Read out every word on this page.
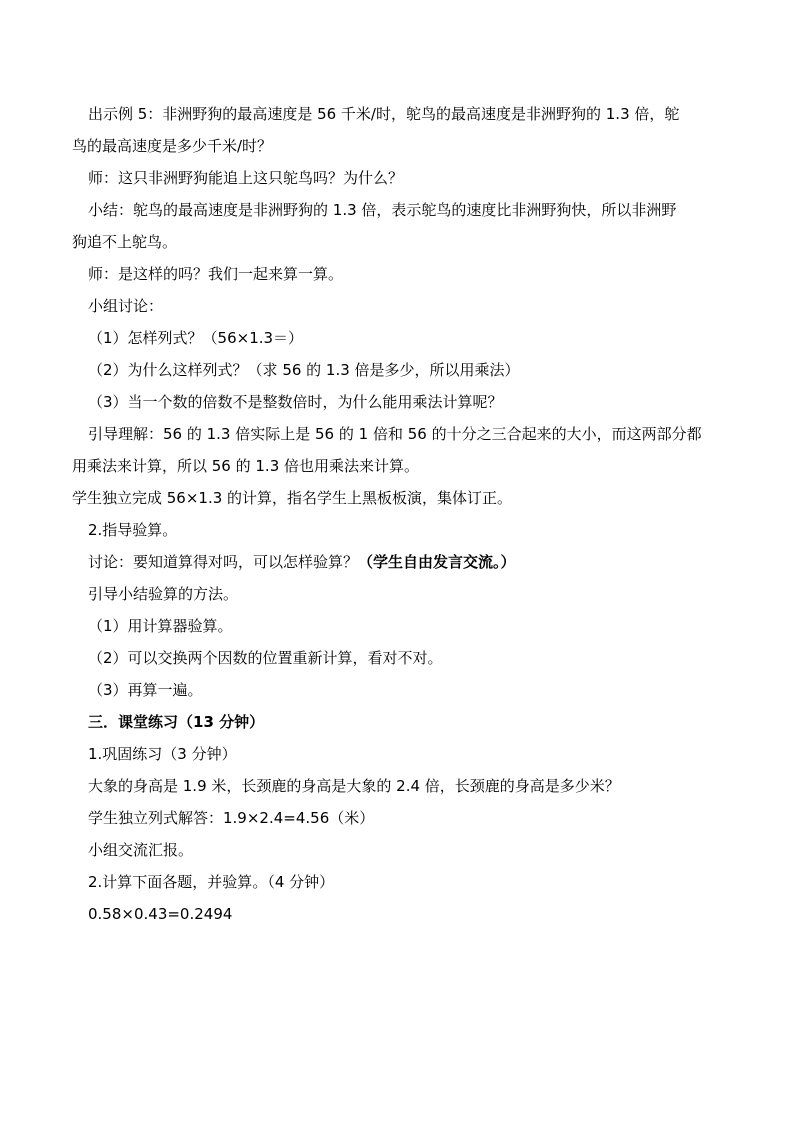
出示例 5：非洲野狗的最高速度是 56 千米/时，鸵鸟的最高速度是非洲野狗的 1.3 倍，鸵
鸟的最高速度是多少千米/时？
师：这只非洲野狗能追上这只鸵鸟吗？为什么？
小结：鸵鸟的最高速度是非洲野狗的 1.3 倍，表示鸵鸟的速度比非洲野狗快，所以非洲野
狗追不上鸵鸟。
师：是这样的吗？我们一起来算一算。
小组讨论：
（1）怎样列式？（56×1.3＝）
（2）为什么这样列式？（求 56 的 1.3 倍是多少，所以用乘法）
（3）当一个数的倍数不是整数倍时，为什么能用乘法计算呢？
引导理解：56 的 1.3 倍实际上是 56 的 1 倍和 56 的十分之三合起来的大小，而这两部分都
用乘法来计算，所以 56 的 1.3 倍也用乘法来计算。
学生独立完成 56×1.3 的计算，指名学生上黑板板演，集体订正。
2.指导验算。
讨论：要知道算得对吗，可以怎样验算？（学生自由发言交流。）
引导小结验算的方法。
（1）用计算器验算。
（2）可以交换两个因数的位置重新计算，看对不对。
（3）再算一遍。
三．课堂练习（13 分钟）
1.巩固练习（3 分钟）
大象的身高是 1.9 米，长颈鹿的身高是大象的 2.4 倍，长颈鹿的身高是多少米？
学生独立列式解答：1.9×2.4=4.56（米）
小组交流汇报。
2.计算下面各题，并验算。（4 分钟）
0.58×0.43=0.2494
